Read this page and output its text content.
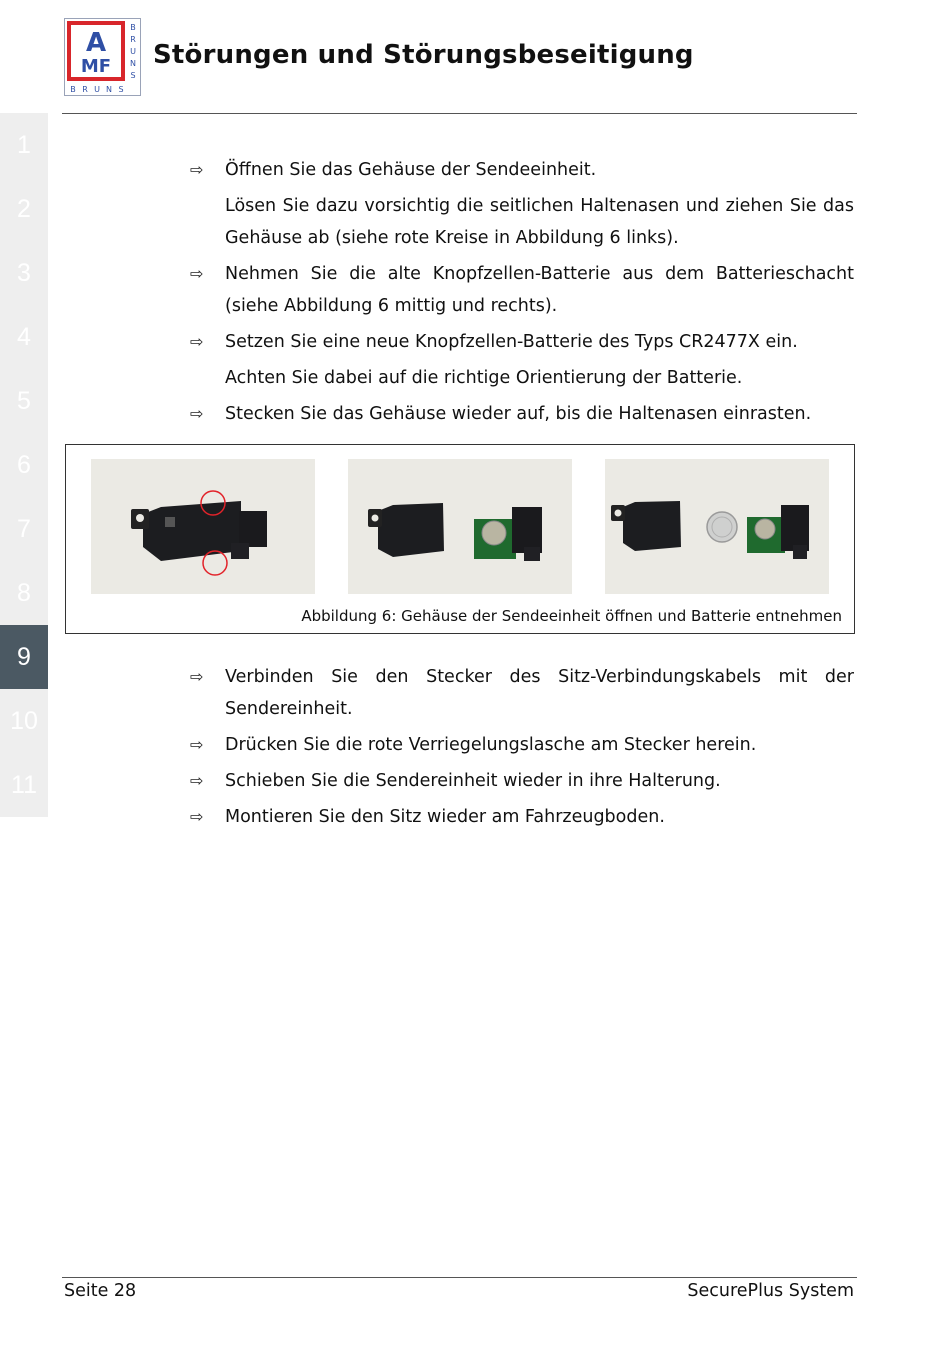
A
MF
B
R
U
N
S
B R U N S
Störungen und Störungsbeseitigung
1
2
3
4
5
6
7
8
9
10
11
⇨ Öffnen Sie das Gehäuse der Sendeeinheit.
Lösen Sie dazu vorsichtig die seitlichen Haltenasen und ziehen Sie das Gehäuse ab (siehe rote Kreise in Abbildung 6 links).
⇨ Nehmen Sie die alte Knopfzellen-Batterie aus dem Batterieschacht (siehe Abbildung 6 mittig und rechts).
⇨ Setzen Sie eine neue Knopfzellen-Batterie des Typs CR2477X ein.
Achten Sie dabei auf die richtige Orientierung der Batterie.
⇨ Stecken Sie das Gehäuse wieder auf, bis die Haltenasen einrasten.
Abbildung 6: Gehäuse der Sendeeinheit öffnen und Batterie entnehmen
⇨ Verbinden Sie den Stecker des Sitz-Verbindungskabels mit der Sendereinheit.
⇨ Drücken Sie die rote Verriegelungslasche am Stecker herein.
⇨ Schieben Sie die Sendereinheit wieder in ihre Halterung.
⇨ Montieren Sie den Sitz wieder am Fahrzeugboden.
Seite 28	SecurePlus System
